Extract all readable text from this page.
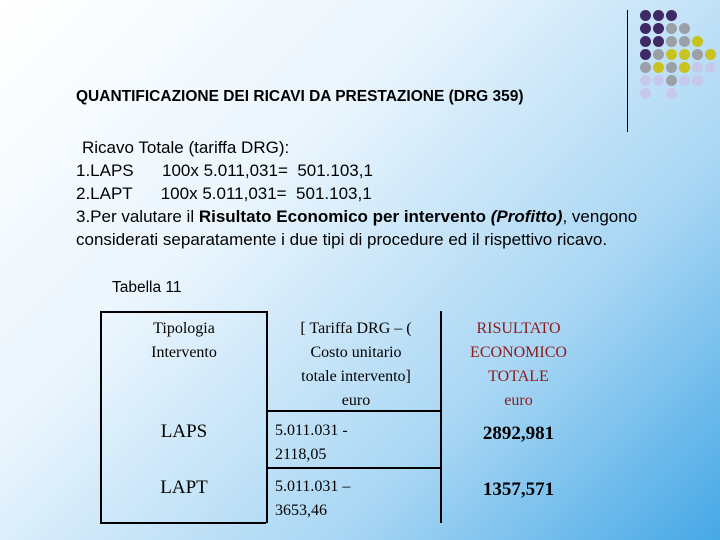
QUANTIFICAZIONE DEI RICAVI DA PRESTAZIONE (DRG 359)
Ricavo Totale (tariffa DRG):
1.LAPS      100x 5.011,031=  501.103,1
2.LAPT      100x 5.011,031=  501.103,1
3.Per valutare il Risultato Economico per intervento (Profitto), vengono
considerati separatamente i due tipi di procedure ed il rispettivo ricavo.
Tabella 11
Tipologia
Intervento
[ Tariffa DRG – (
Costo unitario
totale intervento]
euro
RISULTATO
ECONOMICO
TOTALE
euro
LAPS	5.011.031 -
2118,05
2892,981
LAPT	5.011.031 –
3653,46
1357,571
